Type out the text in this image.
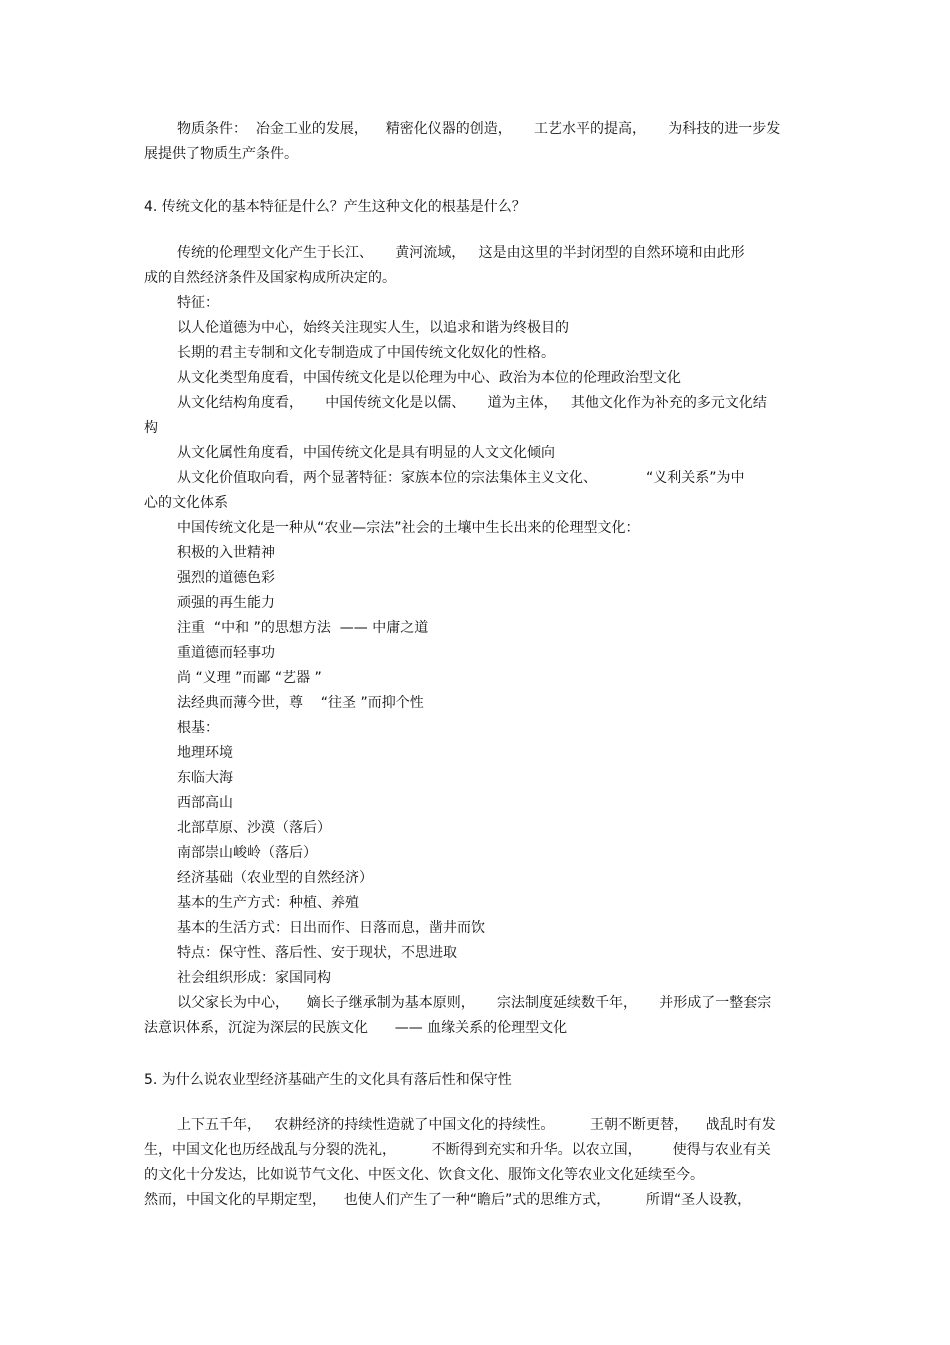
物质条件：  冶金工业的发展，    精密化仪器的创造，     工艺水平的提高，     为科技的进一步发
展提供了物质生产条件。
4. 传统文化的基本特征是什么？产生这种文化的根基是什么？
传统的伦理型文化产生于长江、     黄河流域，   这是由这里的半封闭型的自然环境和由此形
成的自然经济条件及国家构成所决定的。
特征：
以人伦道德为中心，始终关注现实人生，以追求和谐为终极目的
长期的君主专制和文化专制造成了中国传统文化奴化的性格。
从文化类型角度看，中国传统文化是以伦理为中心、政治为本位的伦理政治型文化
从文化结构角度看，     中国传统文化是以儒、     道为主体，   其他文化作为补充的多元文化结
构
从文化属性角度看，中国传统文化是具有明显的人文文化倾向
从文化价值取向看，两个显著特征：家族本位的宗法集体主义文化、           “义利关系”为中
心的文化体系
中国传统文化是一种从“农业—宗法”社会的土壤中生长出来的伦理型文化：
积极的入世精神
强烈的道德色彩
顽强的再生能力
注重  “中和 ”的思想方法  —— 中庸之道
重道德而轻事功
尚 “义理 ”而鄙 “艺器 ”
法经典而薄今世，尊    “往圣 ”而抑个性
根基：
地理环境
东临大海
西部高山
北部草原、沙漠（落后）
南部崇山峻岭（落后）
经济基础（农业型的自然经济）
基本的生产方式：种植、养殖
基本的生活方式：日出而作、日落而息，凿井而饮
特点：保守性、落后性、安于现状，不思进取
社会组织形成：家国同构
以父家长为中心，    嫡长子继承制为基本原则，     宗法制度延续数千年，     并形成了一整套宗
法意识体系，沉淀为深层的民族文化      —— 血缘关系的伦理型文化
5. 为什么说农业型经济基础产生的文化具有落后性和保守性
上下五千年，   农耕经济的持续性造就了中国文化的持续性。        王朝不断更替，    战乱时有发
生，中国文化也历经战乱与分裂的洗礼，        不断得到充实和升华。以农立国，       使得与农业有关
的文化十分发达，比如说节气文化、中医文化、饮食文化、服饰文化等农业文化延续至今。
然而，中国文化的早期定型，    也使人们产生了一种“瞻后”式的思维方式，        所谓“圣人设教，
